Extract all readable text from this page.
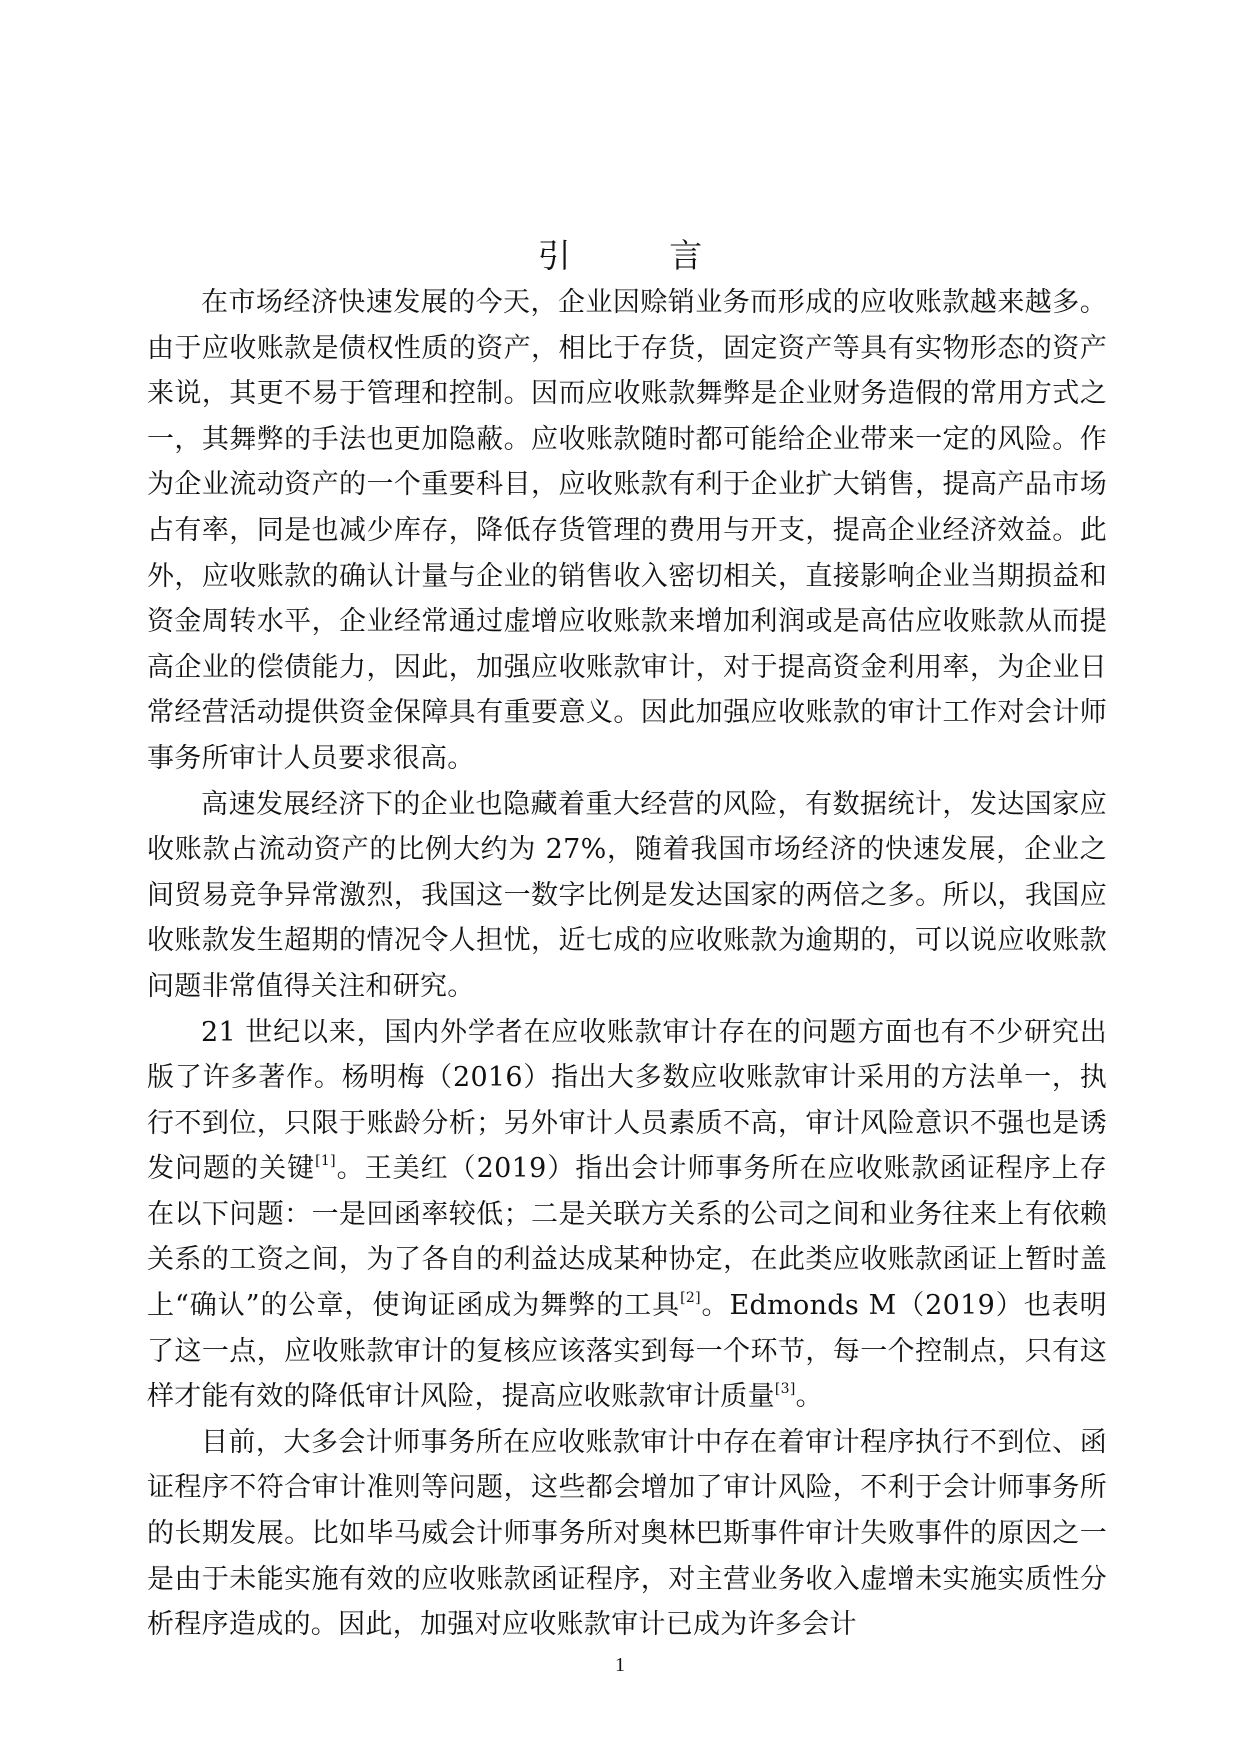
引 言

在市场经济快速发展的今天，企业因赊销业务而形成的应收账款越来越多。由于应收账款是债权性质的资产，相比于存货，固定资产等具有实物形态的资产来说，其更不易于管理和控制。因而应收账款舞弊是企业财务造假的常用方式之一，其舞弊的手法也更加隐蔽。应收账款随时都可能给企业带来一定的风险。作为企业流动资产的一个重要科目，应收账款有利于企业扩大销售，提高产品市场占有率，同是也减少库存，降低存货管理的费用与开支，提高企业经济效益。此外，应收账款的确认计量与企业的销售收入密切相关，直接影响企业当期损益和资金周转水平，企业经常通过虚增应收账款来增加利润或是高估应收账款从而提高企业的偿债能力，因此，加强应收账款审计，对于提高资金利用率，为企业日常经营活动提供资金保障具有重要意义。因此加强应收账款的审计工作对会计师事务所审计人员要求很高。

高速发展经济下的企业也隐藏着重大经营的风险，有数据统计，发达国家应收账款占流动资产的比例大约为 27%，随着我国市场经济的快速发展，企业之间贸易竞争异常激烈，我国这一数字比例是发达国家的两倍之多。所以，我国应收账款发生超期的情况令人担忧，近七成的应收账款为逾期的，可以说应收账款问题非常值得关注和研究。

21 世纪以来，国内外学者在应收账款审计存在的问题方面也有不少研究出版了许多著作。杨明梅（2016）指出大多数应收账款审计采用的方法单一，执行不到位，只限于账龄分析；另外审计人员素质不高，审计风险意识不强也是诱发问题的关键[1]。王美红（2019）指出会计师事务所在应收账款函证程序上存在以下问题：一是回函率较低；二是关联方关系的公司之间和业务往来上有依赖关系的工资之间，为了各自的利益达成某种协定，在此类应收账款函证上暂时盖上“确认”的公章，使询证函成为舞弊的工具[2]。Edmonds M（2019）也表明了这一点，应收账款审计的复核应该落实到每一个环节，每一个控制点，只有这样才能有效的降低审计风险，提高应收账款审计质量[3]。

目前，大多会计师事务所在应收账款审计中存在着审计程序执行不到位、函证程序不符合审计准则等问题，这些都会增加了审计风险，不利于会计师事务所的长期发展。比如毕马威会计师事务所对奥林巴斯事件审计失败事件的原因之一是由于未能实施有效的应收账款函证程序，对主营业务收入虚增未实施实质性分析程序造成的。因此，加强对应收账款审计已成为许多会计

1
